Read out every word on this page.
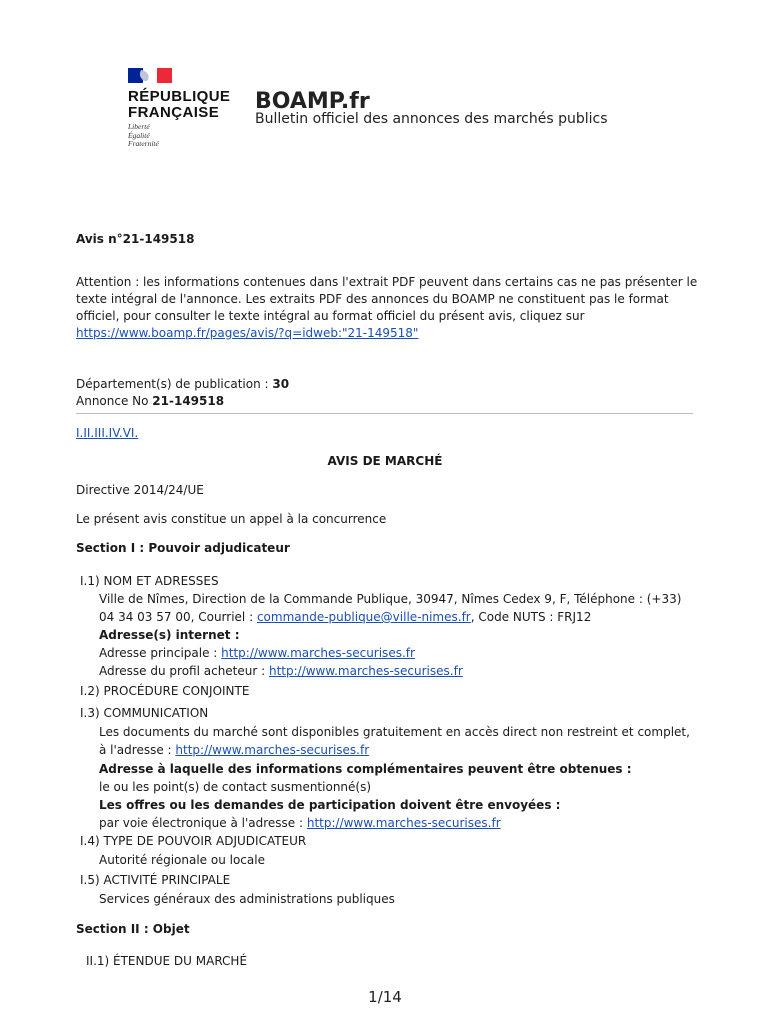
RÉPUBLIQUE
FRANÇAISE
Liberté
Égalité
Fraternité
BOAMP.fr
Bulletin officiel des annonces des marchés publics
Avis n°21-149518
Attention : les informations contenues dans l'extrait PDF peuvent dans certains cas ne pas présenter le
texte intégral de l'annonce. Les extraits PDF des annonces du BOAMP ne constituent pas le format
officiel, pour consulter le texte intégral au format officiel du présent avis, cliquez sur
https://www.boamp.fr/pages/avis/?q=idweb:"21-149518"
Département(s) de publication : 30
Annonce No 21-149518
I.II.III.IV.VI.
AVIS DE MARCHÉ
Directive 2014/24/UE
Le présent avis constitue un appel à la concurrence
Section I : Pouvoir adjudicateur
I.1) NOM ET ADRESSES
Ville de Nîmes, Direction de la Commande Publique, 30947, Nîmes Cedex 9, F, Téléphone : (+33)
04 34 03 57 00, Courriel : commande-publique@ville-nimes.fr, Code NUTS : FRJ12
Adresse(s) internet :
Adresse principale : http://www.marches-securises.fr
Adresse du profil acheteur : http://www.marches-securises.fr
I.2) PROCÉDURE CONJOINTE
I.3) COMMUNICATION
Les documents du marché sont disponibles gratuitement en accès direct non restreint et complet,
à l'adresse : http://www.marches-securises.fr
Adresse à laquelle des informations complémentaires peuvent être obtenues :
le ou les point(s) de contact susmentionné(s)
Les offres ou les demandes de participation doivent être envoyées :
par voie électronique à l'adresse : http://www.marches-securises.fr
I.4) TYPE DE POUVOIR ADJUDICATEUR
Autorité régionale ou locale
I.5) ACTIVITÉ PRINCIPALE
Services généraux des administrations publiques
Section II : Objet
II.1) ÉTENDUE DU MARCHÉ
1/14
